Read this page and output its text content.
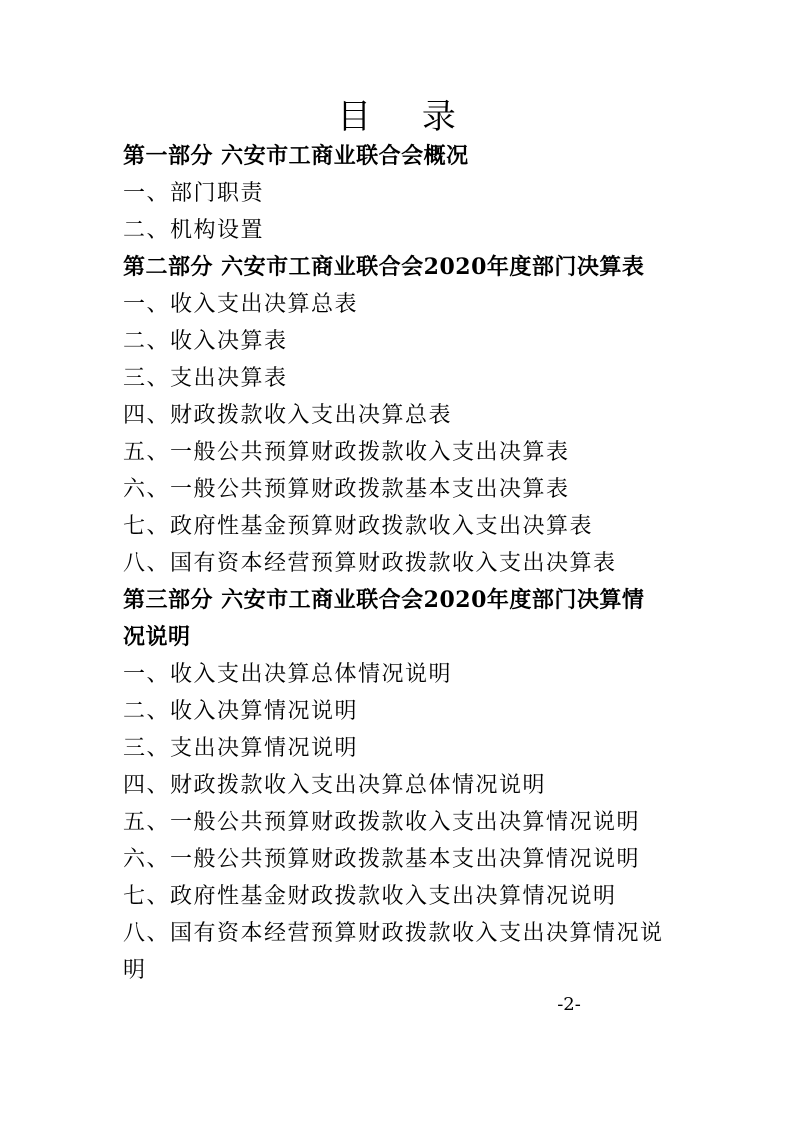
目 录
第一部分 六安市工商业联合会概况
一、部门职责
二、机构设置
第二部分 六安市工商业联合会2020年度部门决算表
一、收入支出决算总表
二、收入决算表
三、支出决算表
四、财政拨款收入支出决算总表
五、一般公共预算财政拨款收入支出决算表
六、一般公共预算财政拨款基本支出决算表
七、政府性基金预算财政拨款收入支出决算表
八、国有资本经营预算财政拨款收入支出决算表
第三部分 六安市工商业联合会2020年度部门决算情
况说明
一、收入支出决算总体情况说明
二、收入决算情况说明
三、支出决算情况说明
四、财政拨款收入支出决算总体情况说明
五、一般公共预算财政拨款收入支出决算情况说明
六、一般公共预算财政拨款基本支出决算情况说明
七、政府性基金财政拨款收入支出决算情况说明
八、国有资本经营预算财政拨款收入支出决算情况说
明
-2-
